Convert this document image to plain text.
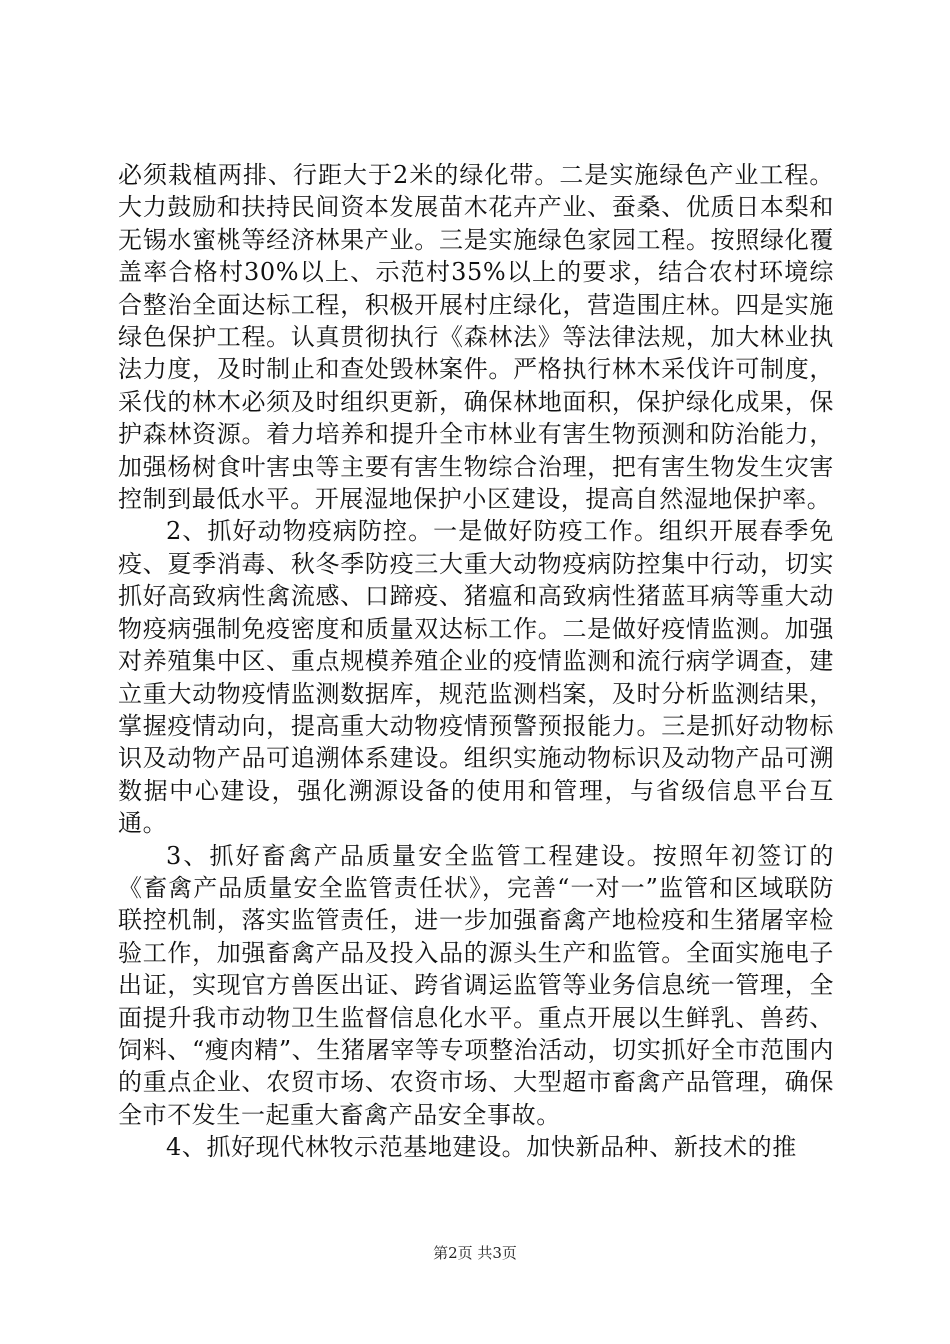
必须栽植两排、行距大于2米的绿化带。二是实施绿色产业工程。大力鼓励和扶持民间资本发展苗木花卉产业、蚕桑、优质日本梨和无锡水蜜桃等经济林果产业。三是实施绿色家园工程。按照绿化覆盖率合格村30%以上、示范村35%以上的要求，结合农村环境综合整治全面达标工程，积极开展村庄绿化，营造围庄林。四是实施绿色保护工程。认真贯彻执行《森林法》等法律法规，加大林业执法力度，及时制止和查处毁林案件。严格执行林木采伐许可制度，采伐的林木必须及时组织更新，确保林地面积，保护绿化成果，保护森林资源。着力培养和提升全市林业有害生物预测和防治能力，加强杨树食叶害虫等主要有害生物综合治理，把有害生物发生灾害控制到最低水平。开展湿地保护小区建设，提高自然湿地保护率。

2、抓好动物疫病防控。一是做好防疫工作。组织开展春季免疫、夏季消毒、秋冬季防疫三大重大动物疫病防控集中行动，切实抓好高致病性禽流感、口蹄疫、猪瘟和高致病性猪蓝耳病等重大动物疫病强制免疫密度和质量双达标工作。二是做好疫情监测。加强对养殖集中区、重点规模养殖企业的疫情监测和流行病学调查，建立重大动物疫情监测数据库，规范监测档案，及时分析监测结果，掌握疫情动向，提高重大动物疫情预警预报能力。三是抓好动物标识及动物产品可追溯体系建设。组织实施动物标识及动物产品可溯数据中心建设，强化溯源设备的使用和管理，与省级信息平台互通。

3、抓好畜禽产品质量安全监管工程建设。按照年初签订的《畜禽产品质量安全监管责任状》，完善“一对一”监管和区域联防联控机制，落实监管责任，进一步加强畜禽产地检疫和生猪屠宰检验工作，加强畜禽产品及投入品的源头生产和监管。全面实施电子出证，实现官方兽医出证、跨省调运监管等业务信息统一管理，全面提升我市动物卫生监督信息化水平。重点开展以生鲜乳、兽药、饲料、“瘦肉精”、生猪屠宰等专项整治活动，切实抓好全市范围内的重点企业、农贸市场、农资市场、大型超市畜禽产品管理，确保全市不发生一起重大畜禽产品安全事故。

4、抓好现代林牧示范基地建设。加快新品种、新技术的推

第2页 共3页
